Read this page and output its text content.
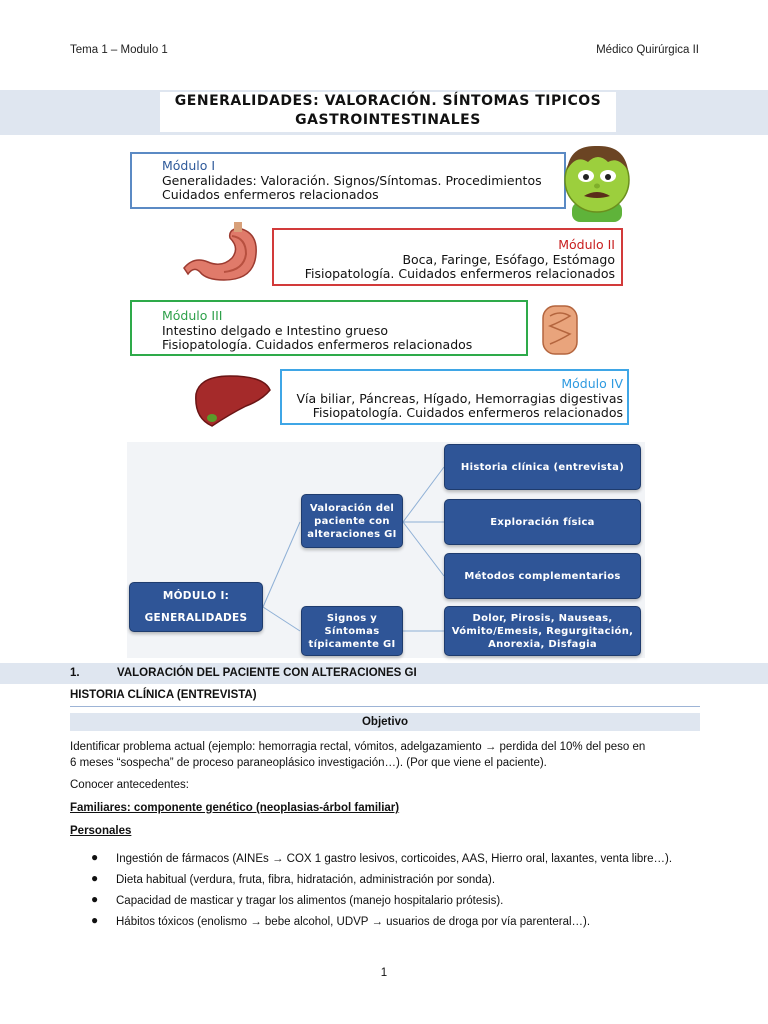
Tema 1 – Modulo 1	Médico Quirúrgica II
GENERALIDADES: VALORACIÓN. SÍNTOMAS TIPICOS
GASTROINTESTINALES
Módulo I
Generalidades: Valoración. Signos/Síntomas. Procedimientos
Cuidados enfermeros relacionados
Módulo II
Boca, Faringe, Esófago, Estómago
Fisiopatología. Cuidados enfermeros relacionados
Módulo III
Intestino delgado e Intestino grueso
Fisiopatología. Cuidados enfermeros relacionados
Módulo IV
Vía biliar, Páncreas, Hígado, Hemorragias digestivas
Fisiopatología. Cuidados enfermeros relacionados
MÓDULO I:
GENERALIDADES
Valoración del
paciente con
alteraciones GI
Signos y
Síntomas
típicamente GI
Historia clínica (entrevista)
Exploración física
Métodos complementarios
Dolor, Pirosis, Nauseas,
Vómito/Emesis, Regurgitación,
Anorexia, Disfagia
1.	VALORACIÓN DEL PACIENTE CON ALTERACIONES GI
HISTORIA CLÍNICA (ENTREVISTA)
Objetivo
Identificar problema actual (ejemplo: hemorragia rectal, vómitos, adelgazamiento → perdida del 10% del peso en
6 meses “sospecha” de proceso paraneoplásico investigación…). (Por que viene el paciente).
Conocer antecedentes:
Familiares: componente genético (neoplasias-árbol familiar)
Personales
● Ingestión de fármacos (AINEs → COX 1 gastro lesivos, corticoides, AAS, Hierro oral, laxantes, venta libre…).
● Dieta habitual (verdura, fruta, fibra, hidratación, administración por sonda).
● Capacidad de masticar y tragar los alimentos (manejo hospitalario prótesis).
● Hábitos tóxicos (enolismo → bebe alcohol, UDVP → usuarios de droga por vía parenteral…).
1
